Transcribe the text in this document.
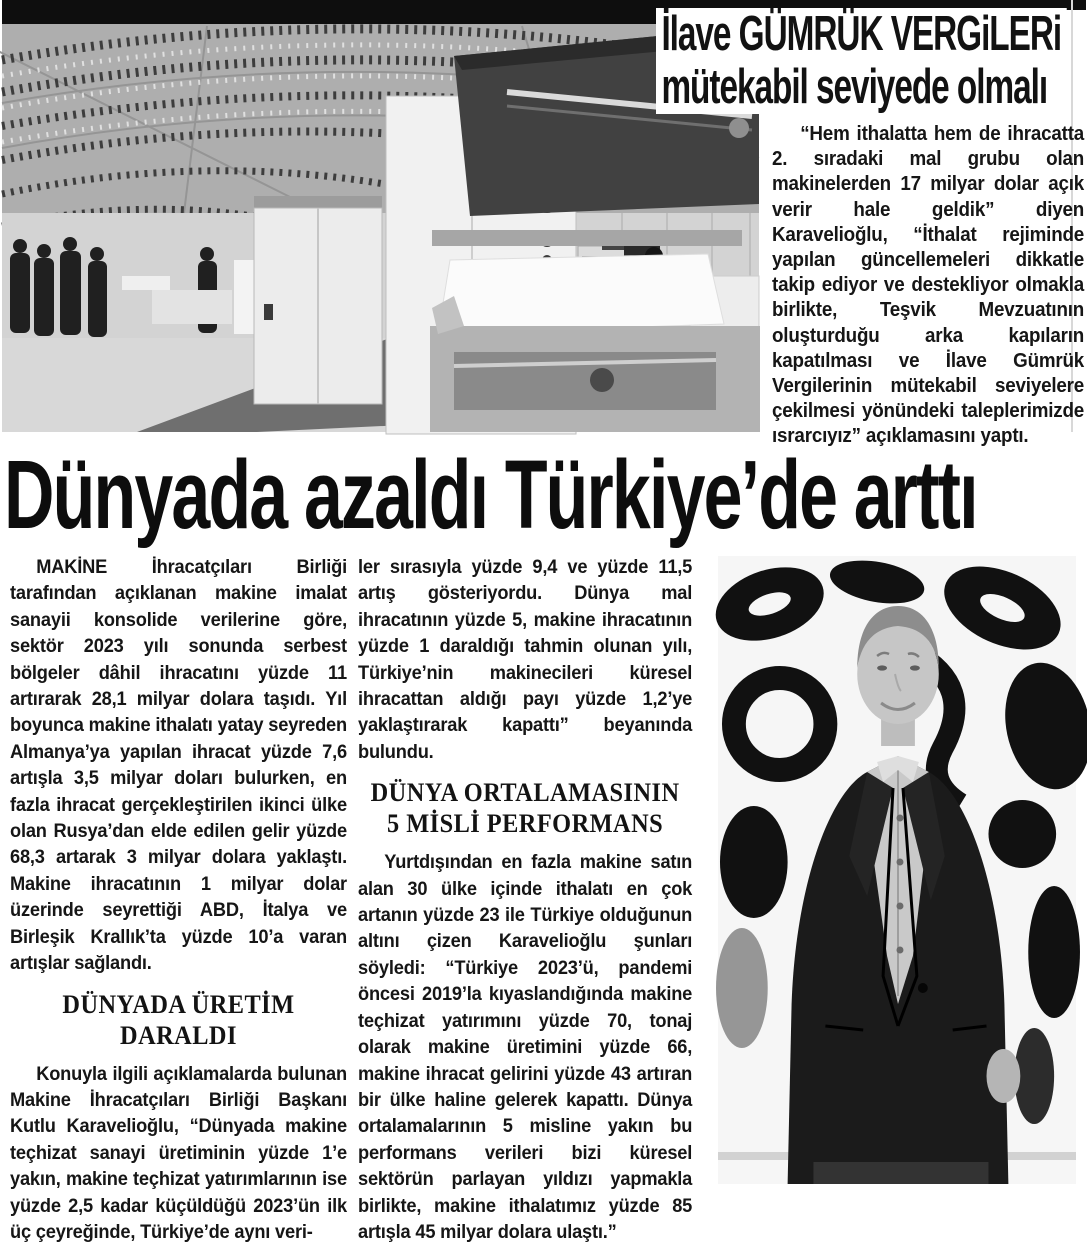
İlave GÜMRÜK VERGiLERi
mütekabil seviyede olmalı

“Hem ithalatta hem de ihracatta 2. sıradaki mal grubu olan makinelerden 17 milyar dolar açık verir hale geldik” diyen Karavelioğlu, “İthalat rejiminde yapılan güncellemeleri dikkatle takip ediyor ve destekliyor olmakla birlikte, Teşvik Mevzuatının oluşturduğu arka kapıların kapatılması ve İlave Gümrük Vergilerinin mütekabil seviyelere çekilmesi yönündeki taleplerimizde ısrarcıyız” açıklamasını yaptı.

Dünyada azaldı Türkiye’de arttı

MAKİNE İhracatçıları Birliği tarafından açıklanan makine imalat sanayii konsolide verilerine göre, sektör 2023 yılı sonunda serbest bölgeler dâhil ihracatını yüzde 11 artırarak 28,1 milyar dolara taşıdı. Yıl boyunca makine ithalatı yatay seyreden Almanya’ya yapılan ihracat yüzde 7,6 artışla 3,5 milyar doları bulurken, en fazla ihracat gerçekleştirilen ikinci ülke olan Rusya’dan elde edilen gelir yüzde 68,3 artarak 3 milyar dolara yaklaştı. Makine ihracatının 1 milyar dolar üzerinde seyrettiği ABD, İtalya ve Birleşik Krallık’ta yüzde 10’a varan artışlar sağlandı.

DÜNYADA ÜRETİM
DARALDI

Konuyla ilgili açıklamalarda bulunan Makine İhracatçıları Birliği Başkanı Kutlu Karavelioğlu, “Dünyada makine teçhizat sanayi üretiminin yüzde 1’e yakın, makine teçhizat yatırımlarının ise yüzde 2,5 kadar küçüldüğü 2023’ün ilk üç çeyreğinde, Türkiye’de aynı veri-

ler sırasıyla yüzde 9,4 ve yüzde 11,5 artış gösteriyordu. Dünya mal ihracatının yüzde 5, makine ihracatının yüzde 1 daraldığı tahmin olunan yılı, Türkiye’nin makinecileri küresel ihracattan aldığı payı yüzde 1,2’ye yaklaştırarak kapattı” beyanında bulundu.

DÜNYA ORTALAMASININ
5 MİSLİ PERFORMANS

Yurtdışından en fazla makine satın alan 30 ülke içinde ithalatı en çok artanın yüzde 23 ile Türkiye olduğunun altını çizen Karavelioğlu şunları söyledi: “Türkiye 2023’ü, pandemi öncesi 2019’la kıyaslandığında makine teçhizat yatırımını yüzde 70, tonaj olarak makine üretimini yüzde 66, makine ihracat gelirini yüzde 43 artıran bir ülke haline gelerek kapattı. Dünya ortalamalarının 5 misline yakın bu performans verileri bizi küresel sektörün parlayan yıldızı yapmakla birlikte, makine ithalatımız yüzde 85 artışla 45 milyar dolara ulaştı.”
